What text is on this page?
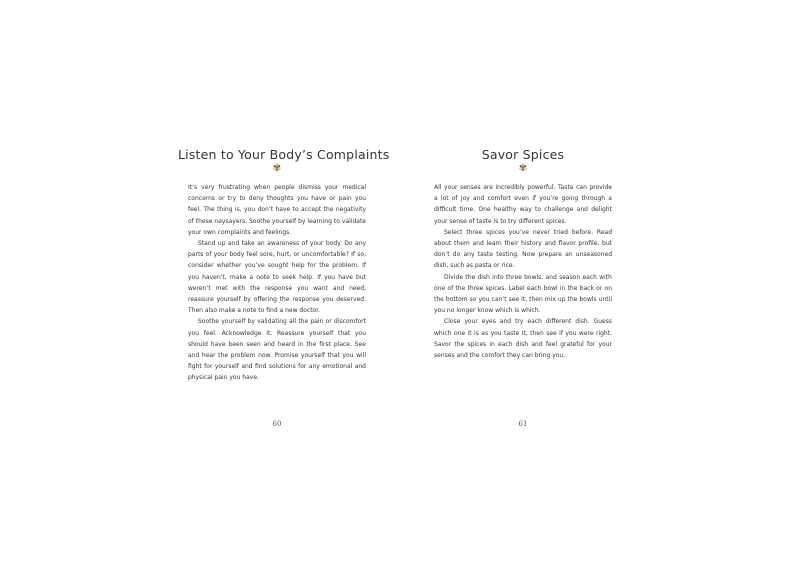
Listen to Your Body’s Complaints
✾

It’s very frustrating when people dismiss your medical concerns or try to deny thoughts you have or pain you feel. The thing is, you don’t have to accept the negativity of these naysayers. Soothe yourself by learning to validate your own complaints and feelings.

Stand up and take an awareness of your body. Do any parts of your body feel sore, hurt, or uncomfortable? If so, consider whether you’ve sought help for the problem. If you haven’t, make a note to seek help. If you have but weren’t met with the response you want and need, reassure yourself by offering the response you deserved. Then also make a note to find a new doctor.

Soothe yourself by validating all the pain or discomfort you feel. Acknowledge it. Reassure yourself that you should have been seen and heard in the first place. See and hear the problem now. Promise yourself that you will fight for yourself and find solutions for any emotional and physical pain you have.

60
Savor Spices
✾

All your senses are incredibly powerful. Taste can provide a lot of joy and comfort even if you’re going through a difficult time. One healthy way to challenge and delight your sense of taste is to try different spices.

Select three spices you’ve never tried before. Read about them and learn their history and flavor profile, but don’t do any taste testing. Now prepare an unseasoned dish, such as pasta or rice.

Divide the dish into three bowls, and season each with one of the three spices. Label each bowl in the back or on the bottom so you can’t see it, then mix up the bowls until you no longer know which is which.

Close your eyes and try each different dish. Guess which one it is as you taste it, then see if you were right. Savor the spices in each dish and feel grateful for your senses and the comfort they can bring you.

61
